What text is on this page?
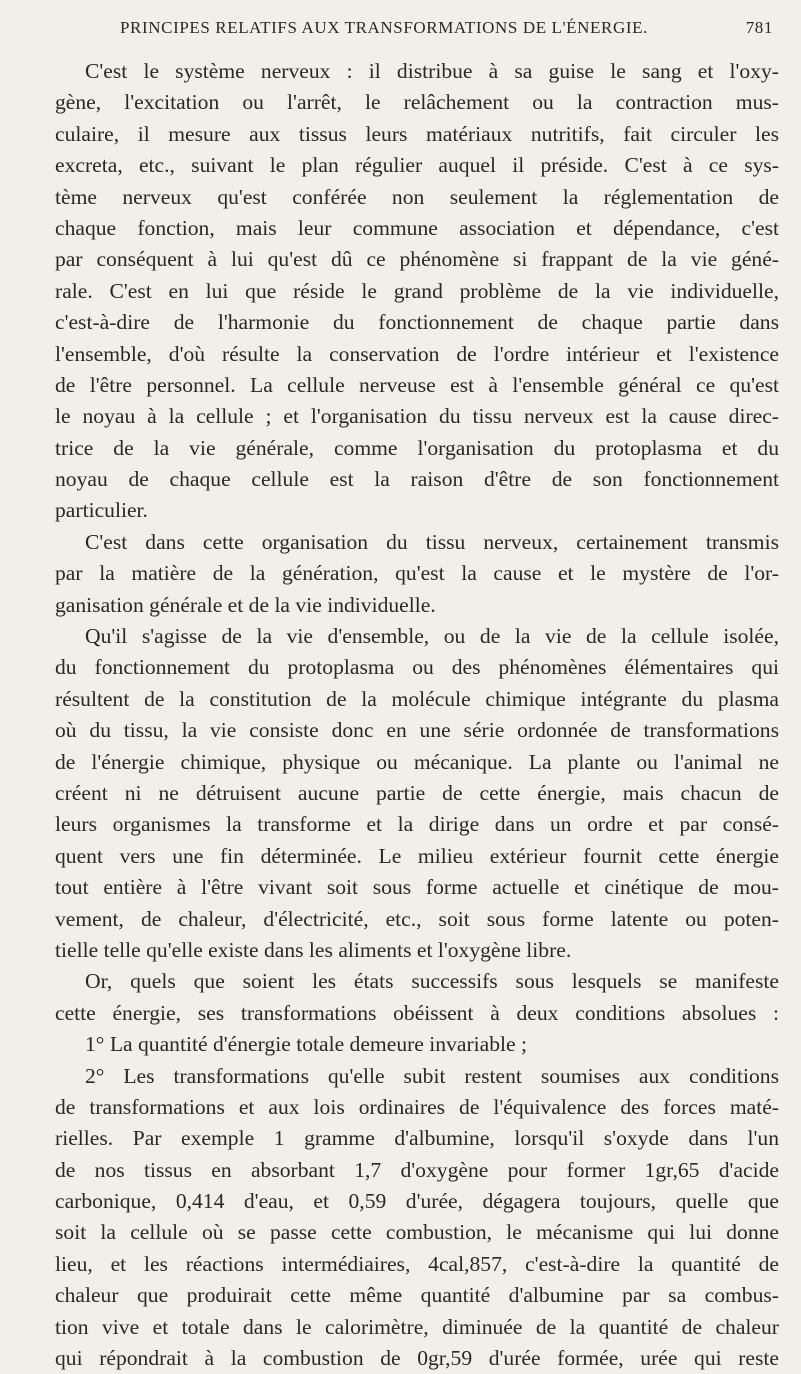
PRINCIPES RELATIFS AUX TRANSFORMATIONS DE L'ÉNERGIE.	781
C'est le système nerveux : il distribue à sa guise le sang et l'oxy-
gène, l'excitation ou l'arrêt, le relâchement ou la contraction mus-
culaire, il mesure aux tissus leurs matériaux nutritifs, fait circuler les
excreta, etc., suivant le plan régulier auquel il préside. C'est à ce sys-
tème nerveux qu'est conférée non seulement la réglementation de
chaque fonction, mais leur commune association et dépendance, c'est
par conséquent à lui qu'est dû ce phénomène si frappant de la vie géné-
rale. C'est en lui que réside le grand problème de la vie individuelle,
c'est-à-dire de l'harmonie du fonctionnement de chaque partie dans
l'ensemble, d'où résulte la conservation de l'ordre intérieur et l'existence
de l'être personnel. La cellule nerveuse est à l'ensemble général ce qu'est
le noyau à la cellule ; et l'organisation du tissu nerveux est la cause direc-
trice de la vie générale, comme l'organisation du protoplasma et du
noyau de chaque cellule est la raison d'être de son fonctionnement
particulier.
C'est dans cette organisation du tissu nerveux, certainement transmis
par la matière de la génération, qu'est la cause et le mystère de l'or-
ganisation générale et de la vie individuelle.
Qu'il s'agisse de la vie d'ensemble, ou de la vie de la cellule isolée,
du fonctionnement du protoplasma ou des phénomènes élémentaires qui
résultent de la constitution de la molécule chimique intégrante du plasma
où du tissu, la vie consiste donc en une série ordonnée de transformations
de l'énergie chimique, physique ou mécanique. La plante ou l'animal ne
créent ni ne détruisent aucune partie de cette énergie, mais chacun de
leurs organismes la transforme et la dirige dans un ordre et par consé-
quent vers une fin déterminée. Le milieu extérieur fournit cette énergie
tout entière à l'être vivant soit sous forme actuelle et cinétique de mou-
vement, de chaleur, d'électricité, etc., soit sous forme latente ou poten-
tielle telle qu'elle existe dans les aliments et l'oxygène libre.
Or, quels que soient les états successifs sous lesquels se manifeste
cette énergie, ses transformations obéissent à deux conditions absolues :
1° La quantité d'énergie totale demeure invariable ;
2° Les transformations qu'elle subit restent soumises aux conditions
de transformations et aux lois ordinaires de l'équivalence des forces maté-
rielles. Par exemple 1 gramme d'albumine, lorsqu'il s'oxyde dans l'un
de nos tissus en absorbant 1,7 d'oxygène pour former 1gr,65 d'acide
carbonique, 0,414 d'eau, et 0,59 d'urée, dégagera toujours, quelle que
soit la cellule où se passe cette combustion, le mécanisme qui lui donne
lieu, et les réactions intermédiaires, 4cal,857, c'est-à-dire la quantité de
chaleur que produirait cette même quantité d'albumine par sa combus-
tion vive et totale dans le calorimètre, diminuée de la quantité de chaleur
qui répondrait à la combustion de 0gr,59 d'urée formée, urée qui reste
